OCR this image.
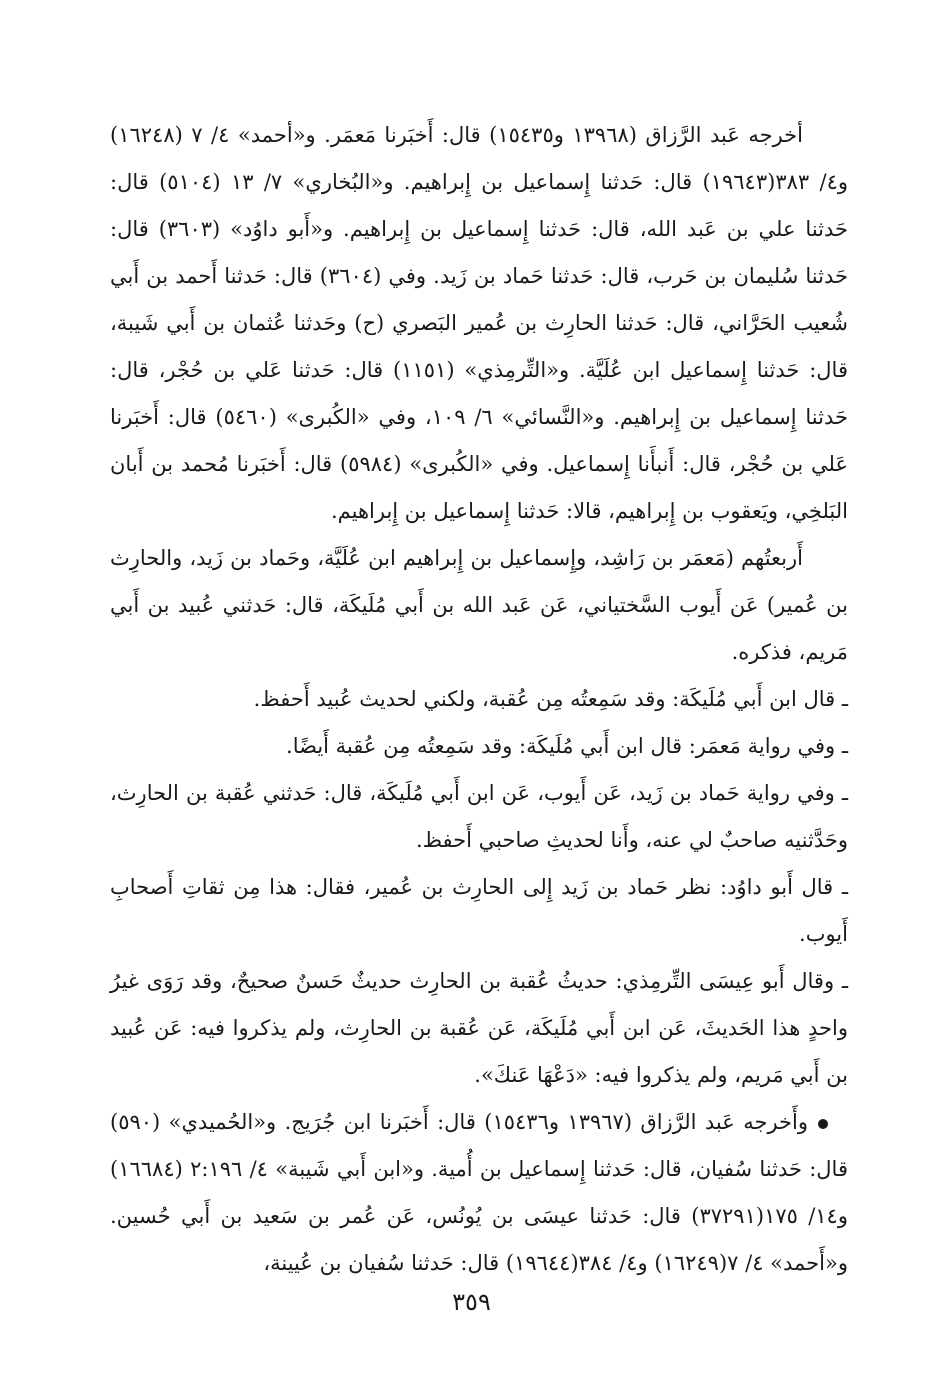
أخرجه عَبد الرَّزاق (١٣٩٦٨ و١٥٤٣٥) قال: أَخبَرنا مَعمَر. و«أحمد» ٤/ ٧ (١٦٢٤٨) و٤/ ٣٨٣(١٩٦٤٣) قال: حَدثنا إِسماعيل بن إِبراهيم. و«البُخاري» ٧/ ١٣ (٥١٠٤) قال: حَدثنا علي بن عَبد الله، قال: حَدثنا إِسماعيل بن إِبراهيم. و«أَبو داوُد» (٣٦٠٣) قال: حَدثنا سُليمان بن حَرب، قال: حَدثنا حَماد بن زَيد. وفي (٣٦٠٤) قال: حَدثنا أَحمد بن أَبي شُعيب الحَرَّاني، قال: حَدثنا الحارِث بن عُمير البَصري (ح) وحَدثنا عُثمان بن أَبي شَيبة، قال: حَدثنا إِسماعيل ابن عُلَيَّة. و«التِّرمِذي» (١١٥١) قال: حَدثنا عَلي بن حُجْر، قال: حَدثنا إِسماعيل بن إِبراهيم. و«النَّسائي» ٦/ ١٠٩، وفي «الكُبرى» (٥٤٦٠) قال: أَخبَرنا عَلي بن حُجْر، قال: أَنبأَنا إِسماعيل. وفي «الكُبرى» (٥٩٨٤) قال: أَخبَرنا مُحمد بن أَبان البَلخِي، ويَعقوب بن إِبراهيم، قالا: حَدثنا إِسماعيل بن إِبراهيم.

أَربعتُهم (مَعمَر بن رَاشِد، وإِسماعيل بن إِبراهيم ابن عُلَيَّة، وحَماد بن زَيد، والحارِث بن عُمير) عَن أَيوب السَّختياني، عَن عَبد الله بن أَبي مُلَيكَة، قال: حَدثني عُبيد بن أَبي مَريم، فذكره.

ـ قال ابن أَبي مُلَيكَة: وقد سَمِعتُه مِن عُقبة، ولكني لحديث عُبيد أَحفظ.

ـ وفي رواية مَعمَر: قال ابن أَبي مُلَيكَة: وقد سَمِعتُه مِن عُقبة أَيضًا.

ـ وفي رواية حَماد بن زَيد، عَن أَيوب، عَن ابن أَبي مُلَيكَة، قال: حَدثني عُقبة بن الحارِث، وحَدَّثنيه صاحبٌ لي عنه، وأَنا لحديثِ صاحبي أَحفظ.

ـ قال أَبو داوُد: نظر حَماد بن زَيد إِلى الحارِث بن عُمير، فقال: هذا مِن ثقاتِ أَصحابِ أَيوب.

ـ وقال أَبو عِيسَى التِّرمِذي: حديثُ عُقبة بن الحارِث حديثٌ حَسنٌ صحيحٌ، وقد رَوَى غيرُ واحدٍ هذا الحَديثَ، عَن ابن أَبي مُلَيكَة، عَن عُقبة بن الحارِث، ولم يذكروا فيه: عَن عُبيد بن أَبي مَريم، ولم يذكروا فيه: «دَعْهَا عَنكَ».

وأَخرجه عَبد الرَّزاق (١٣٩٦٧ و١٥٤٣٦) قال: أَخبَرنا ابن جُرَيج. و«الحُميدي» (٥٩٠) قال: حَدثنا سُفيان، قال: حَدثنا إِسماعيل بن أُمية. و«ابن أَبي شَيبة» ٤/ ٢:١٩٦ (١٦٦٨٤) و١٤/ ١٧٥(٣٧٢٩١) قال: حَدثنا عيسَى بن يُونُس، عَن عُمر بن سَعيد بن أَبي حُسين. و«أَحمد» ٤/ ٧(١٦٢٤٩) و٤/ ٣٨٤(١٩٦٤٤) قال: حَدثنا سُفيان بن عُيينة،

٣٥٩
